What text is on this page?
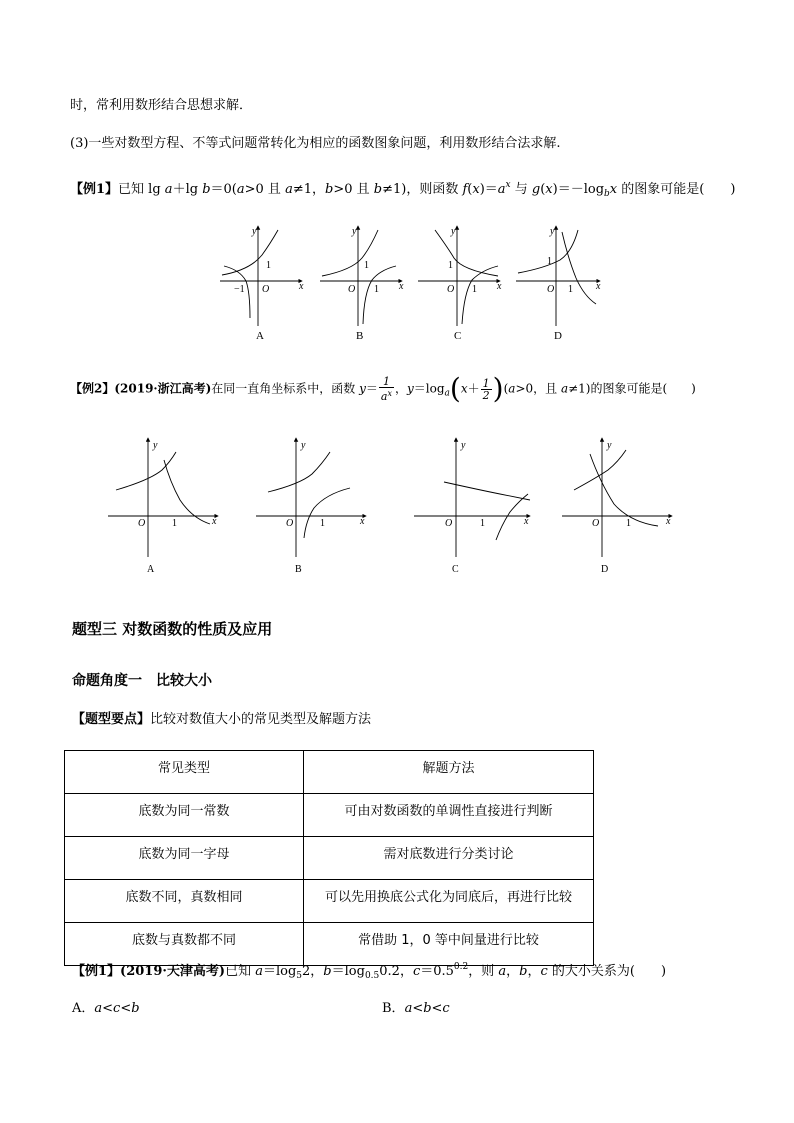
时，常利用数形结合思想求解．
(3)一些对数型方程、不等式问题常转化为相应的函数图象问题，利用数形结合法求解.
【例1】已知 lg a＋lg b＝0(a>0 且 a≠1，b>0 且 b≠1)，则函数 $f(x)=a^x$ 与 $g(x)=-\log_bx$ 的图象可能是(　　)
y
x
O
1
−1
A
y
x
O
1
1
B
y
x
O
1
1
C
y
x
O
1
1
D
【例2】(2019·浙江高考)在同一直角坐标系中，函数 $y= \frac{1}{a^x}$ ，$y=\log_a(x+ \frac{1}{2} )(a>0$，且 a≠1)的图象可能是(　　)
y
x
O	1
A
y
x
O	1
B
y
x
O	1
C
y
x
O	1
D
题型三 对数函数的性质及应用
命题角度一　比较大小
【题型要点】比较对数值大小的常见类型及解题方法
常见类型	解题方法
底数为同一常数	可由对数函数的单调性直接进行判断
底数为同一字母	需对底数进行分类讨论
底数不同，真数相同	可以先用换底公式化为同底后，再进行比较
底数与真数都不同	常借助 1，0 等中间量进行比较
【例1】(2019·天津高考)已知 $a=\log_52$，$b=\log_{0.5}0.2$，$c=0.5^{0.2}$，则 a，b，c 的大小关系为(　　)
A．a<c<b	B．a<b<c
